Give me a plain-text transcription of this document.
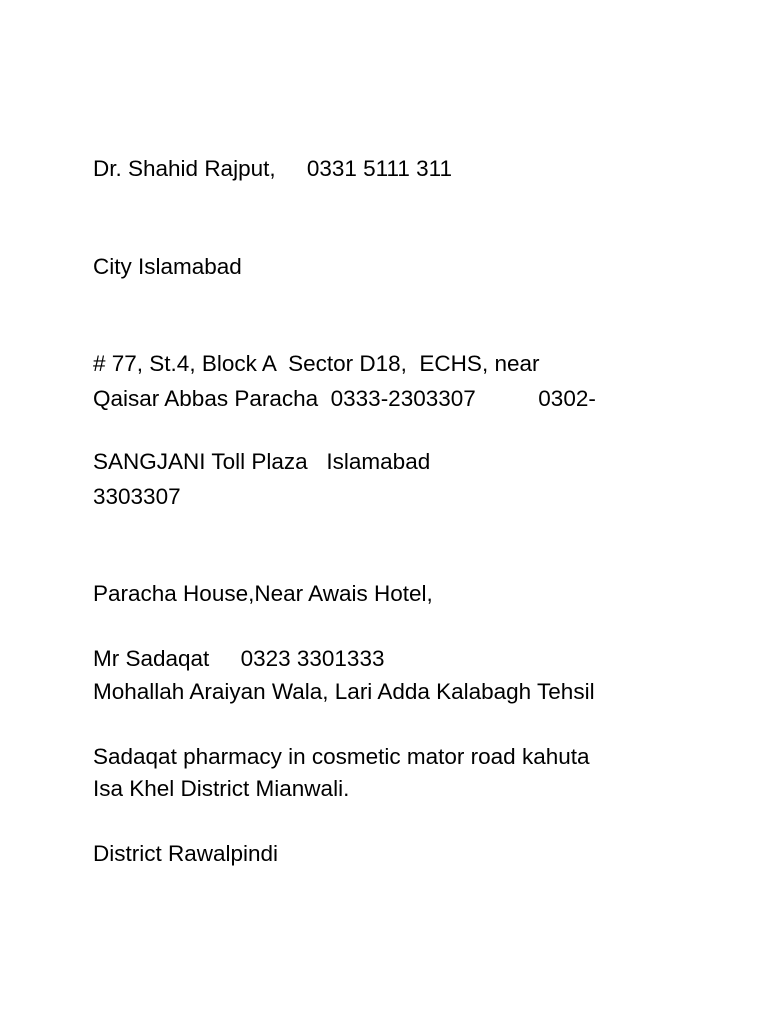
Dr. Shahid Rajput,     0331 5111 311

City Islamabad

# 77, St.4, Block A  Sector D18,  ECHS, near

SANGJANI Toll Plaza   Islamabad

Qaisar Abbas Paracha  0333-2303307          0302-

3303307

Paracha House,Near Awais Hotel,

Mohallah Araiyan Wala, Lari Adda Kalabagh Tehsil

Isa Khel District Mianwali.

Mr Sadaqat     0323 3301333

Sadaqat pharmacy in cosmetic mator road kahuta

District Rawalpindi
